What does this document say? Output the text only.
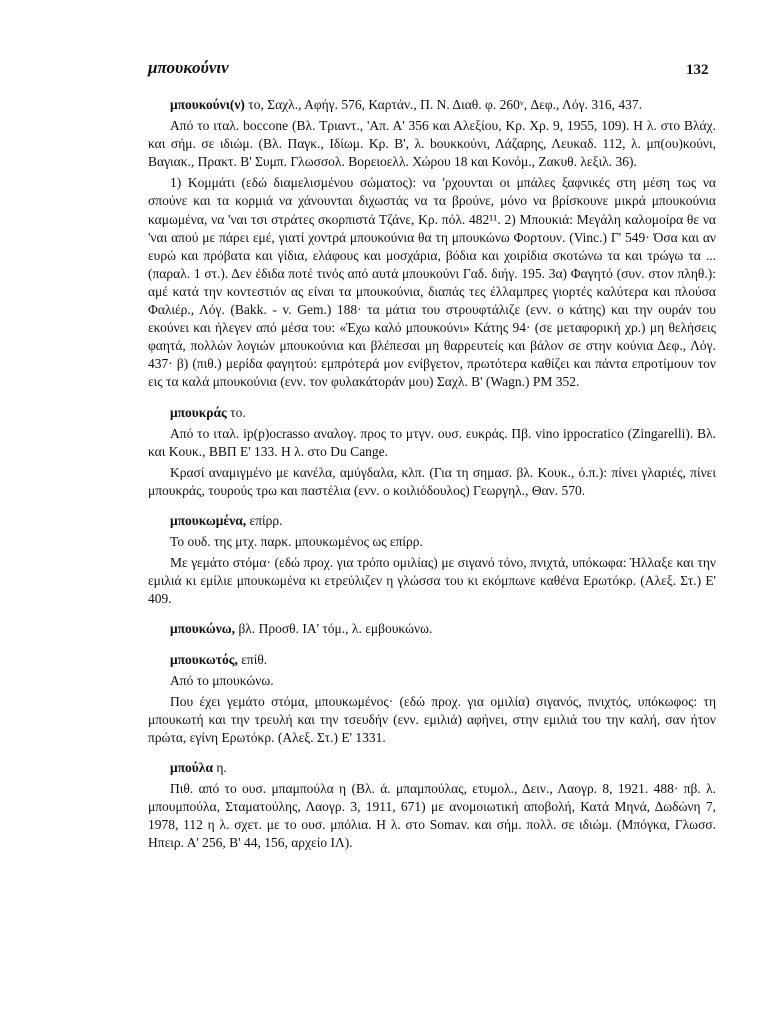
μπουκούνιν	132

μπουκούνι(ν) το, Σαχλ., Αφήγ. 576, Καρτάν., Π. Ν. Διαθ. φ. 260ᵛ, Δεφ., Λόγ. 316, 437.

Από το ιταλ. boccone (Βλ. Τριαντ., 'Απ. Α' 356 και Αλεξίου, Κρ. Χρ. 9, 1955, 109). Η λ. στο Βλάχ. και σήμ. σε ιδιώμ. (Βλ. Παγκ., Ιδίωμ. Κρ. Β', λ. bουκκούνι, Λάζαρης, Λευκαδ. 112, λ. μπ(ου)κούνι, Βαγιακ., Πρακτ. Β' Συμπ. Γλωσσολ. Βορειοελλ. Χώρου 18 και Κονόμ., Ζακυθ. λεξιλ. 36).

1) Κομμάτι (εδώ διαμελισμένου σώματος): να 'ρχουνται οι μπάλες ξαφνικές στη μέση τως να σπούνε και τα κορμιά να χάνουνται διχωστάς να τα βρούνε, μόνο να βρίσκουνε μικρά μπουκούνια καμωμένα, να 'ναι τσι στράτες σκορπιστά Τζάνε, Κρ. πόλ. 482¹¹. 2) Μπουκιά: Μεγάλη καλομοίρα θε να 'ναι απού με πάρει εμέ, γιατί χοντρά μπουκούνια θα τη μπουκώνω Φορτουν. (Vinc.) Γ' 549· Όσα και αν ευρώ και πρόβατα και γίδια, ελάφους και μοσχάρια, βόδια και χοιρίδια σκοτώνω τα και τρώγω τα ... (παραλ. 1 στ.). Δεν έδιδα ποτέ τινός από αυτά μπουκούνι Γαδ. διήγ. 195. 3α) Φαγητό (συν. στον πληθ.): αμέ κατά την κοντεστιόν ας είναι τα μπουκούνια, διαπάς τες έλλαμπρες γιορτές καλύτερα και πλούσα Φαλιέρ., Λόγ. (Bakk. - v. Gem.) 188· τα μάτια του στρουφτάλιζε (ενν. ο κάτης) και την ουράν του εκούνει και ήλεγεν από μέσα του: «Έχω καλό μπουκούνι» Κάτης 94· (σε μεταφορική χρ.) μη θελήσεις φαητά, πολλών λογιών μπουκούνια και βλέπεσαι μη θαρρευτείς και βάλον σε στην κούνια Δεφ., Λόγ. 437· β) (πιθ.) μερίδα φαγητού: εμπρότερά μον ενίβγετον, πρωτότερα καθίζει και πάντα επροτίμουν τον εις τα καλά μπουκούνια (ενν. τον φυλακάτοράν μου) Σαχλ. Β' (Wagn.) PM 352.

μπουκράς το.

Από το ιταλ. ip(p)ocrasso αναλογ. προς το μτγν. ουσ. ευκράς. Πβ. vino ippocratico (Zingarelli). Βλ. και Κουκ., ΒΒΠ Ε' 133. Η λ. στο Du Cange.

Κρασί αναμιγμένο με κανέλα, αμύγδαλα, κλπ. (Για τη σημασ. βλ. Κουκ., ό.π.): πίνει γλαριές, πίνει μπουκράς, τουρούς τρω και παστέλια (ενν. ο κοιλιόδουλος) Γεωργηλ., Θαν. 570.

μπουκωμένα, επίρρ.

Το ουδ. της μτχ. παρκ. μπουκωμένος ως επίρρ.

Με γεμάτο στόμα· (εδώ προχ. για τρόπο ομιλίας) με σιγανό τόνο, πνιχτά, υπόκωφα: Ήλλαξε και την εμιλιά κι εμίλιε μπουκωμένα κι ετρεύλιζεν η γλώσσα του κι εκόμπωνε καθένα Ερωτόκρ. (Αλεξ. Στ.) Ε' 409.

μπουκώνω, βλ. Προσθ. ΙΑ' τόμ., λ. εμβουκώνω.

μπουκωτός, επίθ.

Από το μπουκώνω.

Που έχει γεμάτο στόμα, μπουκωμένος· (εδώ προχ. για ομιλία) σιγανός, πνιχτός, υπόκωφος: τη μπουκωτή και την τρευλή και την τσευδήν (ενν. εμιλιά) αφήνει, στην εμιλιά του την καλή, σαν ήτον πρώτα, εγίνη Ερωτόκρ. (Αλεξ. Στ.) Ε' 1331.

μπούλα η.

Πιθ. από το ουσ. μπαμπούλα η (Βλ. ά. μπαμπούλας, ετυμολ., Δειν., Λαογρ. 8, 1921. 488· πβ. λ. μπουμπούλα, Σταματούλης, Λαογρ. 3, 1911, 671) με ανομοιωτική αποβολή, Κατά Μηνά, Δωδώνη 7, 1978, 112 η λ. σχετ. με το ουσ. μπόλια. Η λ. στο Somav. και σήμ. πολλ. σε ιδιώμ. (Μπόγκα, Γλωσσ. Ηπειρ. Α' 256, Β' 44, 156, αρχείο ΙΛ).
